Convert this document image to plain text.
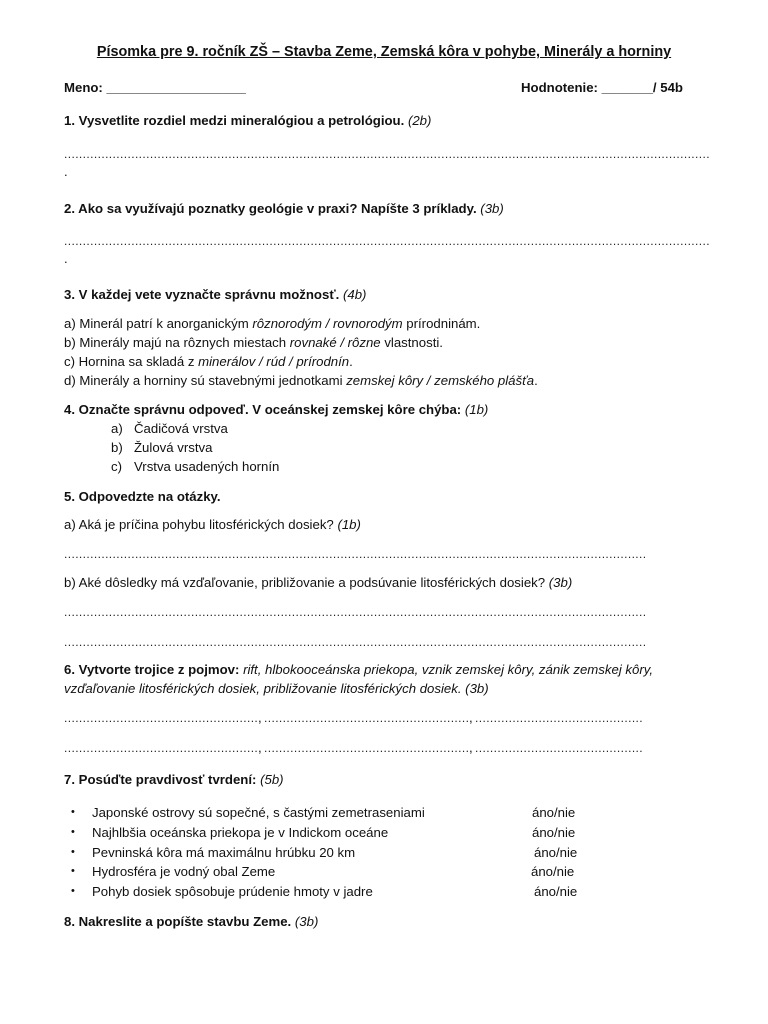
Písomka pre 9. ročník ZŠ – Stavba Zeme, Zemská kôra v pohybe, Minerály a horniny
Meno: ___________________	Hodnotenie: _______/ 54b
1. Vysvetlite rozdiel medzi mineralógiou a petrológiou. (2b)
.....
.
2. Ako sa využívajú poznatky geológie v praxi? Napíšte 3 príklady. (3b)
.....
.
3. V každej vete vyznačte správnu možnosť. (4b)
a) Minerál patrí k anorganickým rôznorodým / rovnorodým prírodninám.
b) Minerály majú na rôznych miestach rovnaké / rôzne vlastnosti.
c) Hornina sa skladá z minerálov / rúd / prírodnín.
d) Minerály a horniny sú stavebnými jednotkami zemskej kôry / zemského plášťa.
4. Označte správnu odpoveď. V oceánskej zemskej kôre chýba: (1b)
a) Čadičová vrstva
b) Žulová vrstva
c) Vrstva usadených hornín
5. Odpovedzte na otázky.
a) Aká je príčina pohybu litosférických dosiek? (1b)
.....
b) Aké dôsledky má vzďaľovanie, približovanie a podsúvanie litosférických dosiek? (3b)
.....
.....
6. Vytvorte trojice z pojmov: rift, hlbokooceánska priekopa, vznik zemskej kôry, zánik zemskej kôry,
vzďaľovanie litosférických dosiek, približovanie litosférických dosiek. (3b)
.....
, .....	,
.....
.....
, .....	,
.....
7. Posúďte pravdivosť tvrdení: (5b)
• Japonské ostrovy sú sopečné, s častými zemetraseniami	áno/nie
• Najhlbšia oceánska priekopa je v Indickom oceáne	áno/nie
• Pevninská kôra má maximálnu hrúbku 20 km	áno/nie
• Hydrosféra je vodný obal Zeme	áno/nie
• Pohyb dosiek spôsobuje prúdenie hmoty v jadre	áno/nie
8. Nakreslite a popíšte stavbu Zeme. (3b)
